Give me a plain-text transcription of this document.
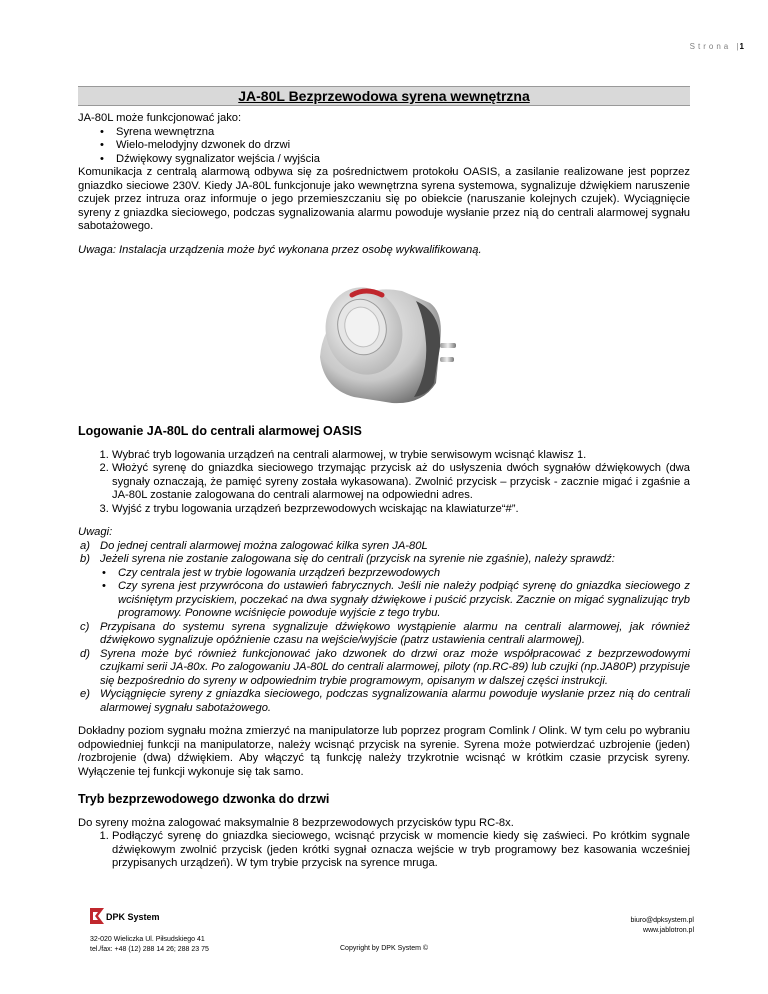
Strona |1
JA-80L Bezprzewodowa syrena wewnętrzna

JA-80L może funkcjonować jako:

• Syrena wewnętrzna
• Wielo-melodyjny dzwonek do drzwi
• Dźwiękowy sygnalizator wejścia / wyjścia

Komunikacja z centralą alarmową odbywa się za pośrednictwem protokołu OASIS, a zasilanie realizowane jest poprzez gniazdko sieciowe 230V. Kiedy JA-80L funkcjonuje jako wewnętrzna syrena systemowa, sygnalizuje dźwiękiem naruszenie czujek przez intruza oraz informuje o jego przemieszczaniu się po obiekcie (naruszanie kolejnych czujek). Wyciągnięcie syreny z gniazdka sieciowego, podczas sygnalizowania alarmu powoduje wysłanie przez nią do centrali alarmowej sygnału sabotażowego.

Uwaga: Instalacja urządzenia może być wykonana przez osobę wykwalifikowaną.

Logowanie JA-80L do centrali alarmowej OASIS
1. Wybrać tryb logowania urządzeń na centrali alarmowej, w trybie serwisowym wcisnąć klawisz 1.
2. Włożyć syrenę do gniazdka sieciowego trzymając przycisk aż do usłyszenia dwóch sygnałów dźwiękowych (dwa sygnały oznaczają, że pamięć syreny została wykasowana). Zwolnić przycisk – przycisk - zacznie migać i zgaśnie a JA-80L zostanie zalogowana do centrali alarmowej na odpowiedni adres.
3. Wyjść z trybu logowania urządzeń bezprzewodowych wciskając na klawiaturze“#”.

Uwagi:

a) Do jednej centrali alarmowej można zalogować kilka syren JA-80L
b) Jeżeli syrena nie zostanie zalogowana się do centrali (przycisk na syrenie nie zgaśnie), należy sprawdź:
• Czy centrala jest w trybie logowania urządzeń bezprzewodowych
• Czy syrena jest przywrócona do ustawień fabrycznych. Jeśli nie należy podpiąć syrenę do gniazdka sieciowego z wciśniętym przyciskiem, poczekać na dwa sygnały dźwiękowe i puścić przycisk. Zacznie on migać sygnalizując tryb programowy. Ponowne wciśnięcie powoduje wyjście z tego trybu.
c) Przypisana do systemu syrena sygnalizuje dźwiękowo wystąpienie alarmu na centrali alarmowej, jak również dźwiękowo sygnalizuje opóźnienie czasu na wejście/wyjście (patrz ustawienia centrali alarmowej).
d) Syrena może być również funkcjonować jako dzwonek do drzwi oraz może współpracować z bezprzewodowymi czujkami serii JA-80x. Po zalogowaniu JA-80L do centrali alarmowej, piloty (np.RC-89) lub czujki (np.JA80P) przypisuje się bezpośrednio do syreny w odpowiednim trybie programowym, opisanym w dalszej części instrukcji.
e) Wyciągnięcie syreny z gniazdka sieciowego, podczas sygnalizowania alarmu powoduje wysłanie przez nią do centrali alarmowej sygnału sabotażowego.

Dokładny poziom sygnału można zmierzyć na manipulatorze lub poprzez program Comlink / Olink. W tym celu po wybraniu odpowiedniej funkcji na manipulatorze, należy wcisnąć przycisk na syrenie. Syrena może potwierdzać uzbrojenie (jeden) /rozbrojenie (dwa) dźwiękiem. Aby włączyć tą funkcję należy trzykrotnie wcisnąć w krótkim czasie przycisk syreny. Wyłączenie tej funkcji wykonuje się tak samo.

Tryb bezprzewodowego dzwonka do drzwi

Do syreny można zalogować maksymalnie 8 bezprzewodowych przycisków typu RC-8x.

1. Podłączyć syrenę do gniazdka sieciowego, wcisnąć przycisk w momencie kiedy się zaświeci. Po krótkim sygnale dźwiękowym zwolnić przycisk (jeden krótki sygnał oznacza wejście w tryb programowy bez kasowania wcześniej przypisanych urządzeń). W tym trybie przycisk na syrence mruga.
DPK System
32-020 Wieliczka Ul. Piłsudskiego 41
tel./fax: +48 (12) 288 14 26; 288 23 75	Copyright by DPK System ©
biuro@dpksystem.pl
www.jablotron.pl
